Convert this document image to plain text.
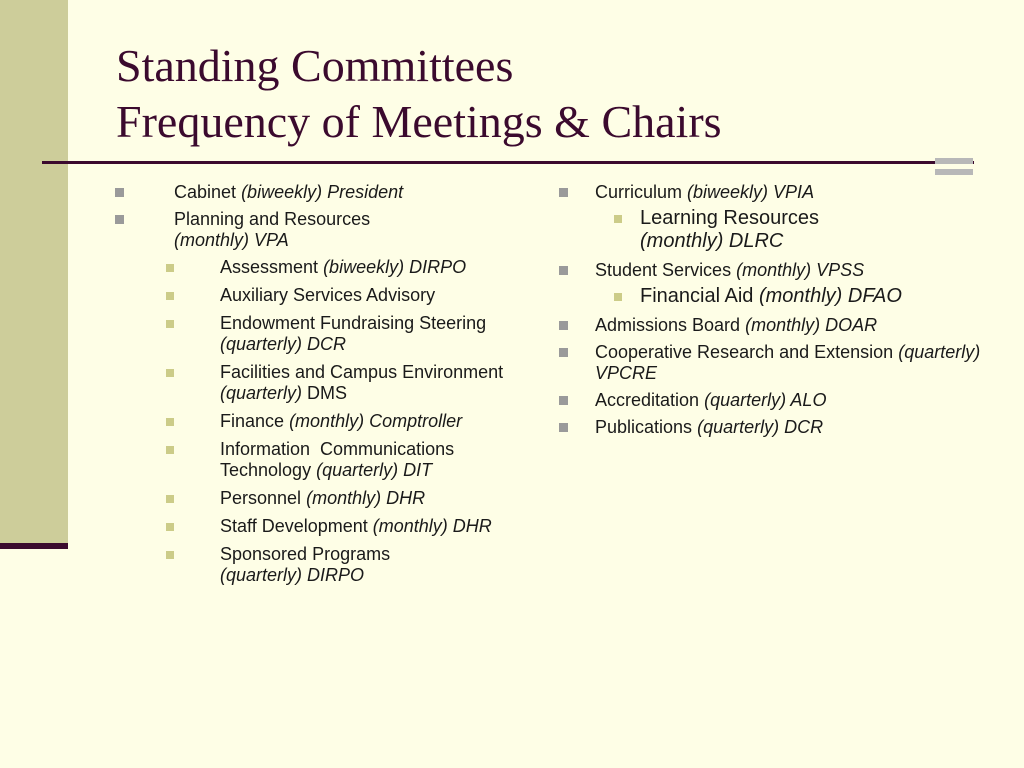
Standing Committees
Frequency of Meetings & Chairs
Cabinet (biweekly) President
Planning and Resources
(monthly) VPA
Assessment (biweekly) DIRPO
Auxiliary Services Advisory
Endowment Fundraising Steering (quarterly) DCR
Facilities and Campus Environment (quarterly) DMS
Finance (monthly) Comptroller
Information  Communications Technology (quarterly) DIT
Personnel (monthly) DHR
Staff Development (monthly) DHR
Sponsored Programs
(quarterly) DIRPO
Curriculum (biweekly) VPIA
Learning Resources
(monthly) DLRC
Student Services (monthly) VPSS
Financial Aid (monthly) DFAO
Admissions Board (monthly) DOAR
Cooperative Research and Extension (quarterly) VPCRE
Accreditation (quarterly) ALO
Publications (quarterly) DCR
